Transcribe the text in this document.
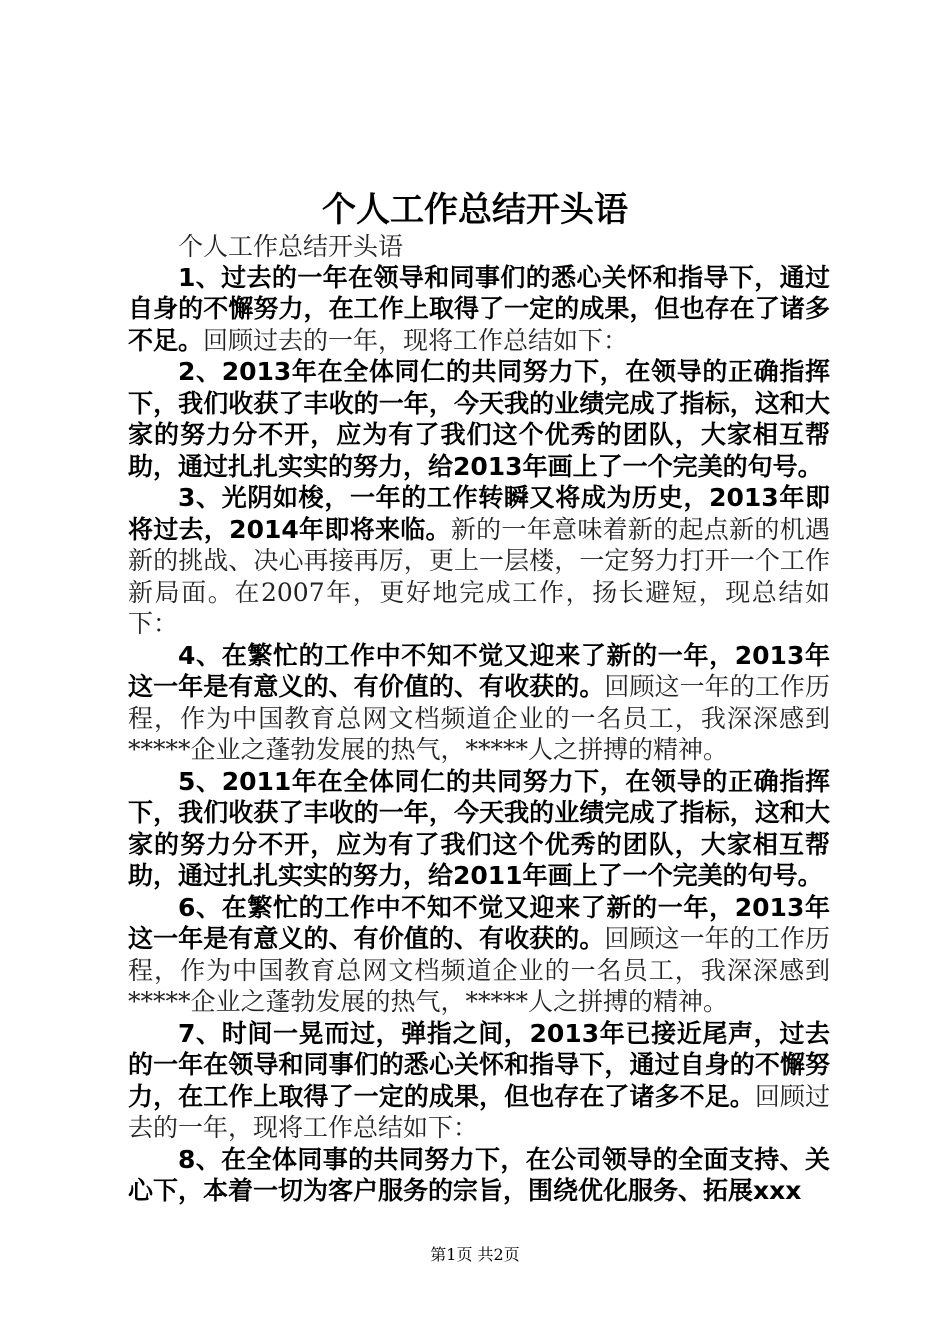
个人工作总结开头语

个人工作总结开头语

1、过去的一年在领导和同事们的悉心关怀和指导下，通过自身的不懈努力，在工作上取得了一定的成果，但也存在了诸多不足。回顾过去的一年，现将工作总结如下：

2、2013年在全体同仁的共同努力下，在领导的正确指挥下，我们收获了丰收的一年，今天我的业绩完成了指标，这和大家的努力分不开，应为有了我们这个优秀的团队，大家相互帮助，通过扎扎实实的努力，给2013年画上了一个完美的句号。

3、光阴如梭，一年的工作转瞬又将成为历史，2013年即将过去，2014年即将来临。新的一年意味着新的起点新的机遇新的挑战、决心再接再厉，更上一层楼，一定努力打开一个工作新局面。在2007年，更好地完成工作，扬长避短，现总结如下：

4、在繁忙的工作中不知不觉又迎来了新的一年，2013年这一年是有意义的、有价值的、有收获的。回顾这一年的工作历程，作为中国教育总网文档频道企业的一名员工，我深深感到*****企业之蓬勃发展的热气，*****人之拼搏的精神。

5、2011年在全体同仁的共同努力下，在领导的正确指挥下，我们收获了丰收的一年，今天我的业绩完成了指标，这和大家的努力分不开，应为有了我们这个优秀的团队，大家相互帮助，通过扎扎实实的努力，给2011年画上了一个完美的句号。

6、在繁忙的工作中不知不觉又迎来了新的一年，2013年这一年是有意义的、有价值的、有收获的。回顾这一年的工作历程，作为中国教育总网文档频道企业的一名员工，我深深感到*****企业之蓬勃发展的热气，*****人之拼搏的精神。

7、时间一晃而过，弹指之间，2013年已接近尾声，过去的一年在领导和同事们的悉心关怀和指导下，通过自身的不懈努力，在工作上取得了一定的成果，但也存在了诸多不足。回顾过去的一年，现将工作总结如下：

8、在全体同事的共同努力下，在公司领导的全面支持、关心下，本着一切为客户服务的宗旨，围绕优化服务、拓展xxx

第1页 共2页
